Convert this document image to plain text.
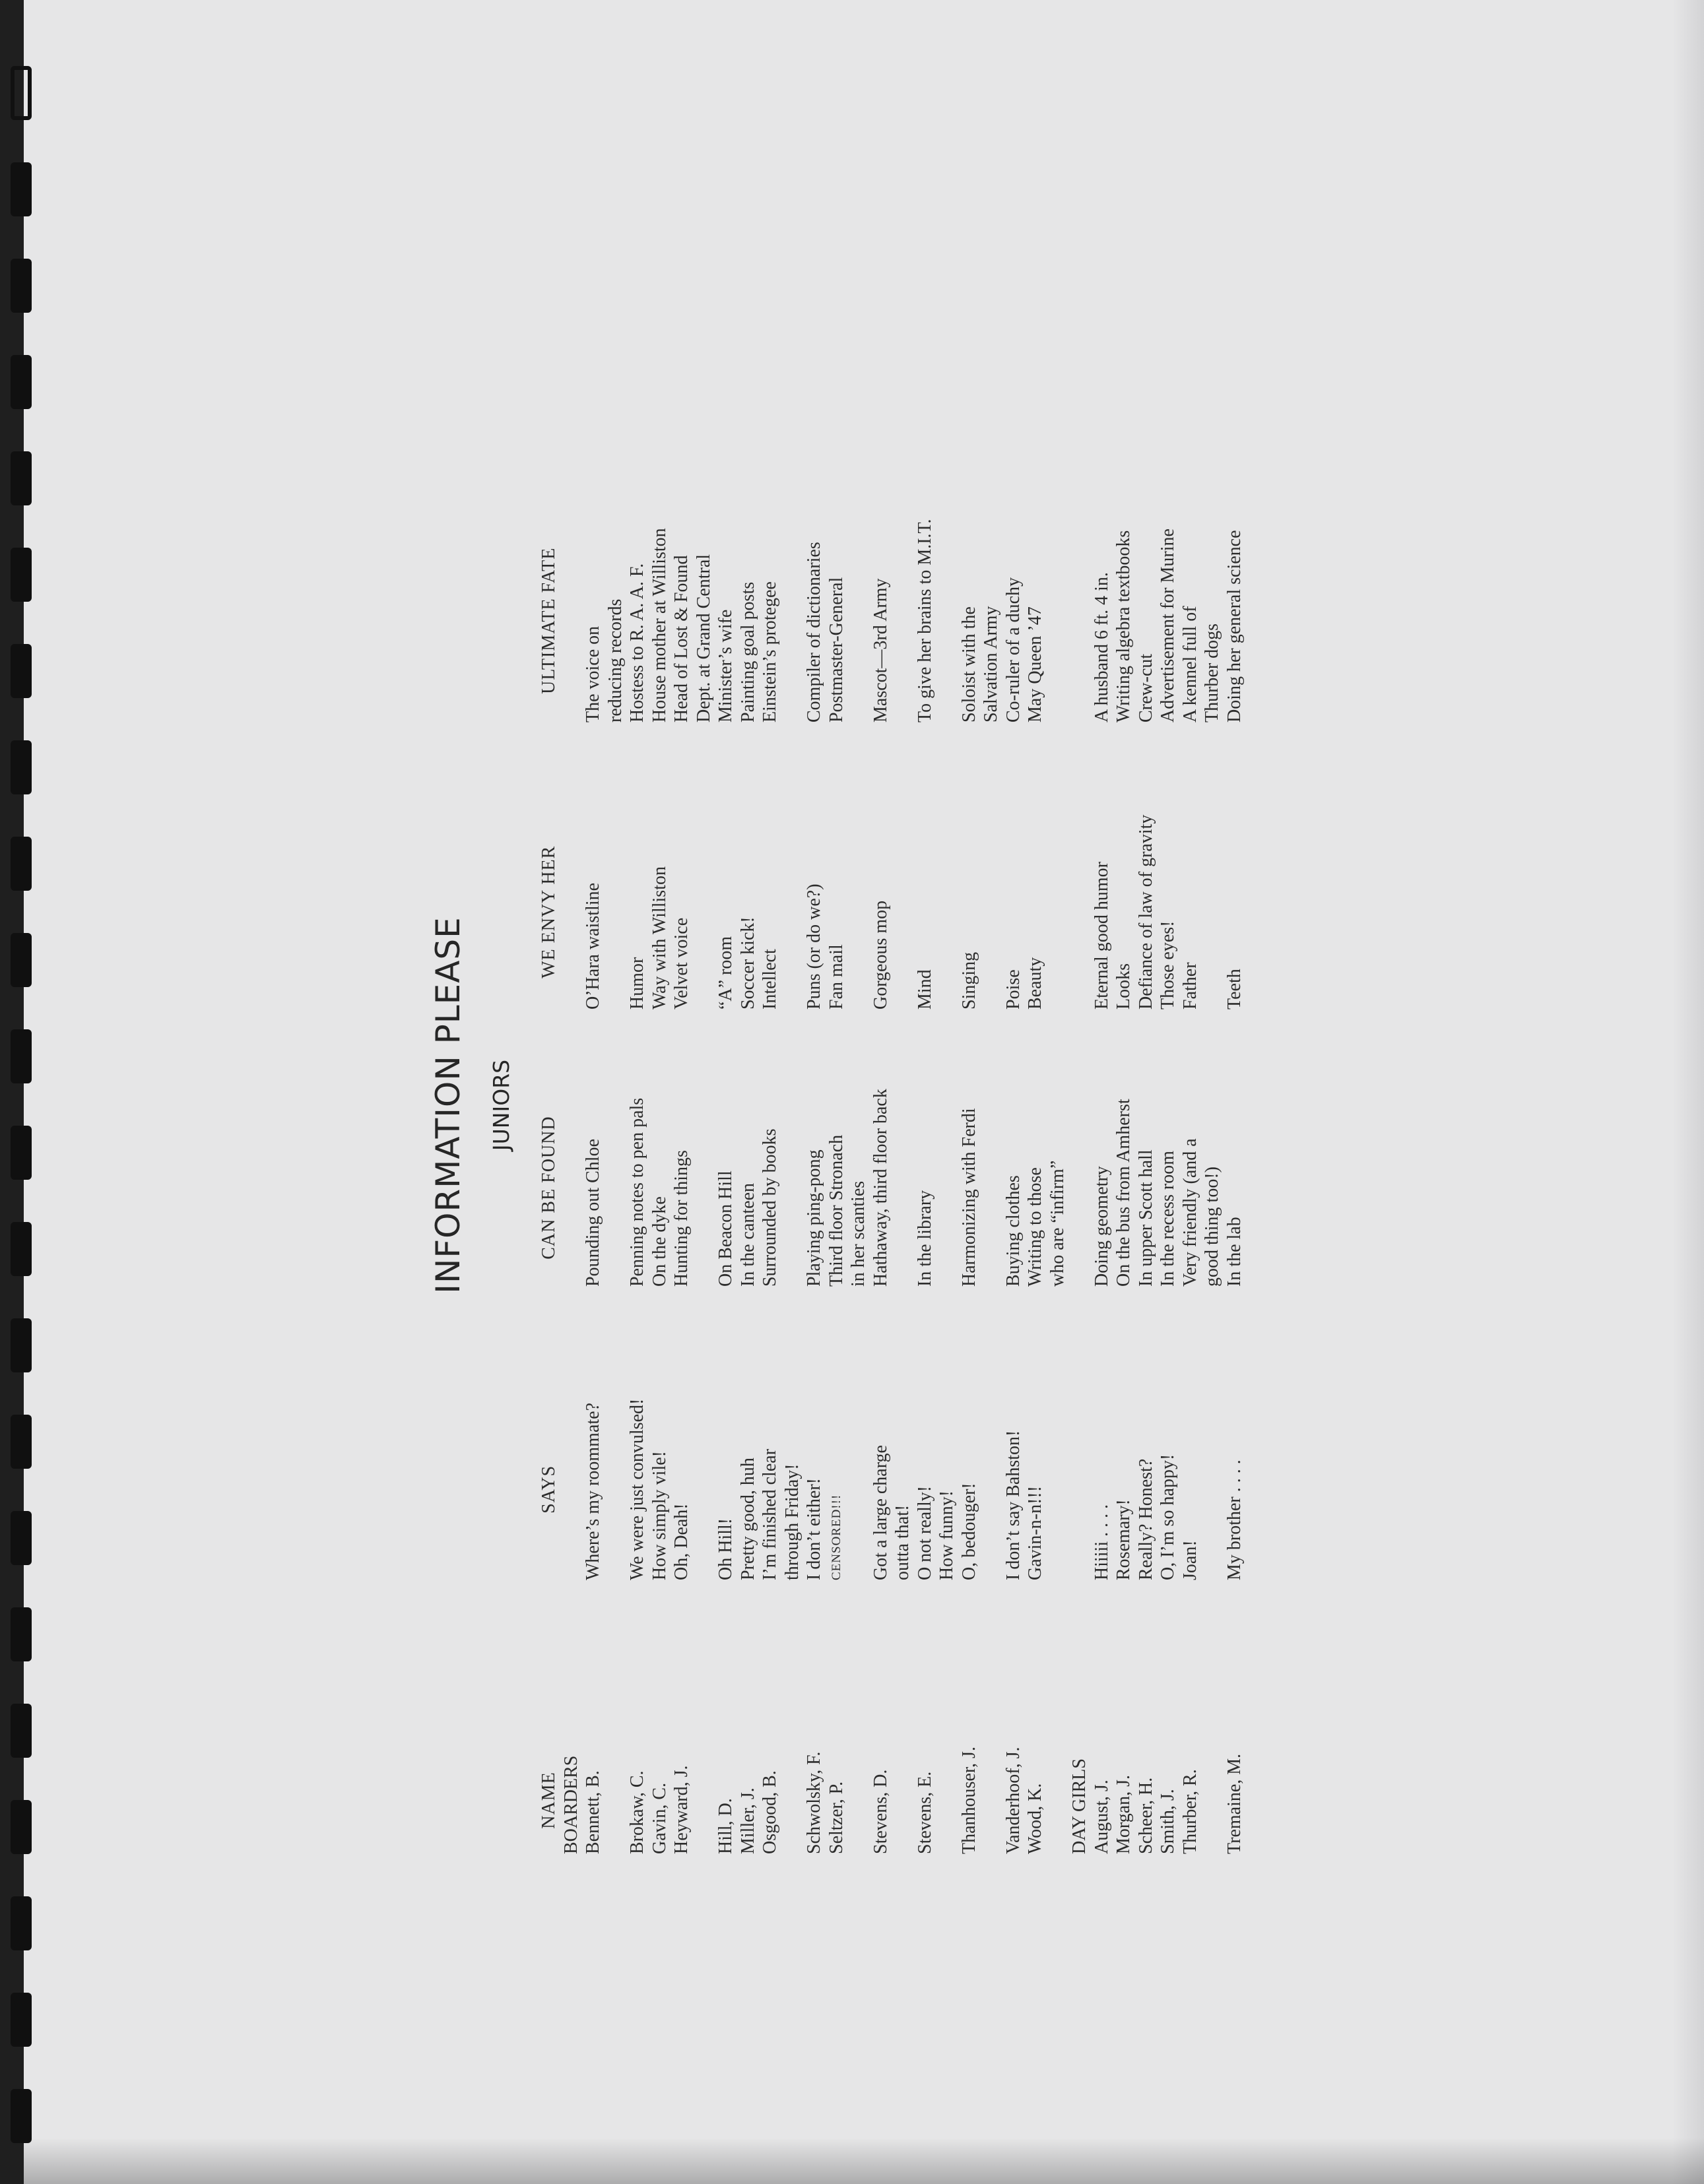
INFORMATION PLEASE JUNIORS
NAME BOARDERS Bennett, B.
Brokaw, C. Gavin, C. Heyward, J.
Hill, D. Miller, J. Osgood, B.
Schwolsky, F. Seltzer, P.
Stevens, D.
Stevens, E.
Thanhouser, J.
Vanderhoof, J. Wood, K. DAY GIRLS August, J. Morgan, J. Scheer, H. Smith, J. Thurber, R.
Tremaine, M.
SAYS Where’s my roommate?
We were just convulsed! How simply vile! Oh, Deah!
Oh Hill! Pretty good, huh I’m finished clear through Friday! I don’t either! CENSORED!!!
Got a large charge outta that! O not really! How funny! O, bedouger!
I don’t say Bahston! Gavin-n-n!!! Hiiiii . . . . Rosemary! Really? Honest? O, I’m so happy! Joan!
My brother . . . .
CAN BE FOUND Pounding out Chloe
Penning notes to pen pals On the dyke Hunting for things
On Beacon Hill In the canteen Surrounded by books
Playing ping-pong Third floor Stronach in her scanties Hathaway, third floor back
In the library
Harmonizing with Ferdi
Buying clothes Writing to those who are “infirm” Doing geometry On the bus from Amherst In upper Scott hall In the recess room Very friendly (and a good thing too!) In the lab
WE ENVY HER O’Hara waistline
Humor Way with Williston Velvet voice
“A” room Soccer kick! Intellect
Puns (or do we?) Fan mail
Gorgeous mop
Mind
Singing
Poise Beauty Eternal good humor Looks Defiance of law of gravity Those eyes! Father
Teeth
ULTIMATE FATE The voice on reducing records Hostess to R. A. A. F. House mother at Williston Head of Lost & Found Dept. at Grand Central Minister’s wife Painting goal posts Einstein’s protegee
Compiler of dictionaries Postmaster-General
Mascot—3rd Army
To give her brains to M.I.T.
Soloist with the Salvation Army Co-ruler of a duchy May Queen ’47 A husband 6 ft. 4 in. Writing algebra textbooks Crew-cut Advertisement for Murine A kennel full of Thurber dogs Doing her general science
